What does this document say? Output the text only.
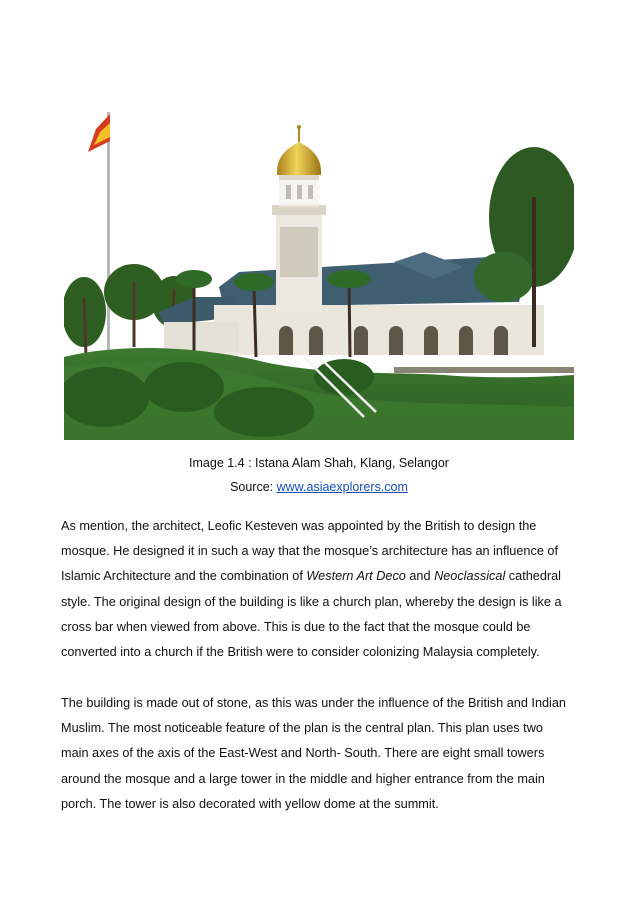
Image 1.4 : Istana Alam Shah, Klang, Selangor
Source: www.asiaexplorers.com
As mention, the architect, Leofic Kesteven was appointed by the British to design the
mosque. He designed it in such a way that the mosque’s architecture has an influence of
Islamic Architecture and the combination of Western Art Deco and Neoclassical cathedral
style. The original design of the building is like a church plan, whereby the design is like a
cross bar when viewed from above. This is due to the fact that the mosque could be
converted into a church if the British were to consider colonizing Malaysia completely.
The building is made out of stone, as this was under the influence of the British and Indian
Muslim. The most noticeable feature of the plan is the central plan. This plan uses two
main axes of the axis of the East-West and North- South. There are eight small towers
around the mosque and a large tower in the middle and higher entrance from the main
porch. The tower is also decorated with yellow dome at the summit.
